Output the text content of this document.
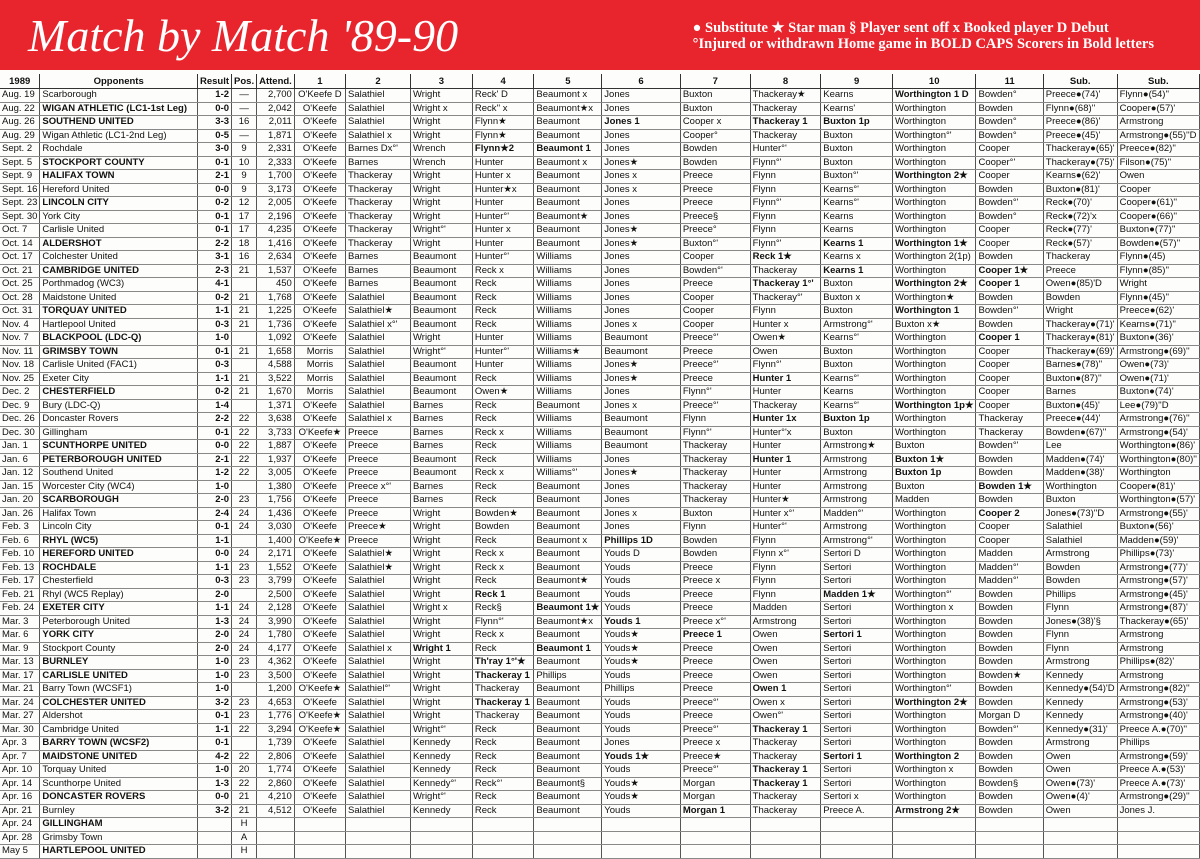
Match by Match '89-90	● Substitute ★ Star man § Player sent off x Booked player D Debut
°Injured or withdrawn Home game in BOLD CAPS Scorers in Bold letters
1989	Opponents	Result	Pos.	Attend.	1	2	3	4	5	6	7	8	9	10	11	Sub.	Sub.
Aug. 19	Scarborough	1-2	—	2,700	O'Keefe D	Salathiel	Wright	Reck' D	Beaumont x	Jones	Buxton	Thackeray★	Kearns	Worthington 1 D	Bowden°	Preece●(74)'	Flynn●(54)''
Aug. 22	WIGAN ATHLETIC (LC1-1st Leg)	0-0	—	2,042	O'Keefe	Salathiel	Wright x	Reck'' x	Beaumont★x	Jones	Buxton	Thackeray	Kearns'	Worthington	Bowden	Flynn●(68)''	Cooper●(57)'
Aug. 26	SOUTHEND UNITED	3-3	16	2,011	O'Keefe	Salathiel	Wright	Flynn★	Beaumont	Jones 1	Cooper x	Thackeray 1	Buxton 1p	Worthington	Bowden°	Preece●(86)'	Armstrong
Aug. 29	Wigan Athletic (LC1-2nd Leg)	0-5	—	1,871	O'Keefe	Salathiel x	Wright	Flynn★	Beaumont	Jones	Cooper°	Thackeray	Buxton	Worthington°'	Bowden°	Preece●(45)'	Armstrong●(55)''D
Sept. 2	Rochdale	3-0	9	2,331	O'Keefe	Barnes Dx°'	Wrench	Flynn★2	Beaumont 1	Jones	Bowden	Hunter°'	Buxton	Worthington	Cooper	Thackeray●(65)'	Preece●(82)''
Sept. 5	STOCKPORT COUNTY	0-1	10	2,333	O'Keefe	Barnes	Wrench	Hunter	Beaumont x	Jones★	Bowden	Flynn°'	Buxton	Worthington	Cooper°'	Thackeray●(75)'	Filson●(75)''
Sept. 9	HALIFAX TOWN	2-1	9	1,700	O'Keefe	Thackeray	Wright	Hunter x	Beaumont	Jones x	Preece	Flynn	Buxton°'	Worthington 2★	Cooper	Kearns●(62)'	Owen
Sept. 16	Hereford United	0-0	9	3,173	O'Keefe	Thackeray	Wright	Hunter★x	Beaumont	Jones x	Preece	Flynn	Kearns°'	Worthington	Bowden	Buxton●(81)'	Cooper
Sept. 23	LINCOLN CITY	0-2	12	2,005	O'Keefe	Thackeray	Wright	Hunter	Beaumont	Jones	Preece	Flynn°'	Kearns°'	Worthington	Bowden°'	Reck●(70)'	Cooper●(61)''
Sept. 30	York City	0-1	17	2,196	O'Keefe	Thackeray	Wright	Hunter°'	Beaumont★	Jones	Preece§	Flynn	Kearns	Worthington	Bowden°	Reck●(72)'x	Cooper●(66)''
Oct. 7	Carlisle United	0-1	17	4,235	O'Keefe	Thackeray	Wright°'	Hunter x	Beaumont	Jones★	Preece°	Flynn	Kearns	Worthington	Cooper	Reck●(77)'	Buxton●(77)''
Oct. 14	ALDERSHOT	2-2	18	1,416	O'Keefe	Thackeray	Wright	Hunter	Beaumont	Jones★	Buxton°'	Flynn°'	Kearns 1	Worthington 1★	Cooper	Reck●(57)'	Bowden●(57)''
Oct. 17	Colchester United	3-1	16	2,634	O'Keefe	Barnes	Beaumont	Hunter°'	Williams	Jones	Cooper	Reck 1★	Kearns x	Worthington 2(1p)	Bowden	Thackeray	Flynn●(45)
Oct. 21	CAMBRIDGE UNITED	2-3	21	1,537	O'Keefe	Barnes	Beaumont	Reck x	Williams	Jones	Bowden°'	Thackeray	Kearns 1	Worthington	Cooper 1★	Preece	Flynn●(85)''
Oct. 25	Porthmadog (WC3)	4-1		450	O'Keefe	Barnes	Beaumont	Reck	Williams	Jones	Preece	Thackeray 1°'	Buxton	Worthington 2★	Cooper 1	Owen●(85)'D	Wright
Oct. 28	Maidstone United	0-2	21	1,768	O'Keefe	Salathiel	Beaumont	Reck	Williams	Jones	Cooper	Thackeray°'	Buxton x	Worthington★	Bowden	Bowden	Flynn●(45)''
Oct. 31	TORQUAY UNITED	1-1	21	1,225	O'Keefe	Salathiel★	Beaumont	Reck	Williams	Jones	Cooper	Flynn	Buxton	Worthington 1	Bowden°'	Wright	Preece●(62)'
Nov. 4	Hartlepool United	0-3	21	1,736	O'Keefe	Salathiel x°'	Beaumont	Reck	Williams	Jones x	Cooper	Hunter x	Armstrong°'	Buxton x★	Bowden	Thackeray●(71)'	Kearns●(71)''
Nov. 7	BLACKPOOL (LDC-Q)	1-0		1,092	O'Keefe	Salathiel	Wright	Hunter	Williams	Beaumont	Preece°'	Owen★	Kearns°'	Worthington	Cooper 1	Thackeray●(81)'	Buxton●(36)'
Nov. 11	GRIMSBY TOWN	0-1	21	1,658	Morris	Salathiel	Wright°'	Hunter°'	Williams★	Beaumont	Preece	Owen	Buxton	Worthington	Cooper	Thackeray●(69)'	Armstrong●(69)''
Nov. 18	Carlisle United (FAC1)	0-3		4,588	Morris	Salathiel	Beaumont	Hunter	Williams	Jones★	Preece°'	Flynn°'	Buxton	Worthington	Cooper	Barnes●(78)''	Owen●(73)'
Nov. 25	Exeter City	1-1	21	3,522	Morris	Salathiel	Beaumont	Reck	Williams	Jones★	Preece	Hunter 1	Kearns°'	Worthington	Cooper	Buxton●(87)''	Owen●(71)'
Dec. 2	CHESTERFIELD	0-2	21	1,670	Morris	Salathiel	Beaumont	Owen★	Williams	Jones	Flynn°'	Hunter	Kearns	Worthington	Cooper	Barnes	Buxton●(74)'
Dec. 9	Bury (LDC-Q)	1-4		1,371	O'Keefe	Salathiel	Barnes	Reck	Beaumont	Jones x	Preece°'	Thackeray	Kearns°'	Worthington 1p★	Cooper	Buxton●(45)'	Lee●(79)''D
Dec. 26	Doncaster Rovers	2-2	22	3,638	O'Keefe	Salathiel x	Barnes	Reck	Williams	Beaumont	Flynn	Hunter 1x	Buxton 1p	Worthington	Thackeray	Preece●(44)'	Armstrong●(76)''
Dec. 30	Gillingham	0-1	22	3,733	O'Keefe★	Preece	Barnes	Reck x	Williams	Beaumont	Flynn°'	Hunter°'x	Buxton	Worthington	Thackeray	Bowden●(67)''	Armstrong●(54)'
Jan. 1	SCUNTHORPE UNITED	0-0	22	1,887	O'Keefe	Preece	Barnes	Reck	Williams	Beaumont	Thackeray	Hunter	Armstrong★	Buxton	Bowden°'	Lee	Worthington●(86)'
Jan. 6	PETERBOROUGH UNITED	2-1	22	1,937	O'Keefe	Preece	Beaumont	Reck	Williams	Jones	Thackeray	Hunter 1	Armstrong	Buxton 1★	Bowden	Madden●(74)'	Worthington●(80)''
Jan. 12	Southend United	1-2	22	3,005	O'Keefe	Preece	Beaumont	Reck x	Williams°'	Jones★	Thackeray	Hunter	Armstrong	Buxton 1p	Bowden	Madden●(38)'	Worthington
Jan. 15	Worcester City (WC4)	1-0		1,380	O'Keefe	Preece x°'	Barnes	Reck	Beaumont	Jones	Thackeray	Hunter	Armstrong	Buxton	Bowden 1★	Worthington	Cooper●(81)'
Jan. 20	SCARBOROUGH	2-0	23	1,756	O'Keefe	Preece	Barnes	Reck	Beaumont	Jones	Thackeray	Hunter★	Armstrong	Madden	Bowden	Buxton	Worthington●(57)'
Jan. 26	Halifax Town	2-4	24	1,436	O'Keefe	Preece	Wright	Bowden★	Beaumont	Jones x	Buxton	Hunter x°'	Madden°'	Worthington	Cooper 2	Jones●(73)''D	Armstrong●(55)'
Feb. 3	Lincoln City	0-1	24	3,030	O'Keefe	Preece★	Wright	Bowden	Beaumont	Jones	Flynn	Hunter°'	Armstrong	Worthington	Cooper	Salathiel	Buxton●(56)'
Feb. 6	RHYL (WC5)	1-1		1,400	O'Keefe★	Preece	Wright	Reck	Beaumont x	Phillips 1D	Bowden	Flynn	Armstrong°'	Worthington	Cooper	Salathiel	Madden●(59)'
Feb. 10	HEREFORD UNITED	0-0	24	2,171	O'Keefe	Salathiel★	Wright	Reck x	Beaumont	Youds D	Bowden	Flynn x°'	Sertori D	Worthington	Madden	Armstrong	Phillips●(73)'
Feb. 13	ROCHDALE	1-1	23	1,552	O'Keefe	Salathiel★	Wright	Reck x	Beaumont	Youds	Preece	Flynn	Sertori	Worthington	Madden°'	Bowden	Armstrong●(77)'
Feb. 17	Chesterfield	0-3	23	3,799	O'Keefe	Salathiel	Wright	Reck	Beaumont★	Youds	Preece x	Flynn	Sertori	Worthington	Madden°'	Bowden	Armstrong●(57)'
Feb. 21	Rhyl (WC5 Replay)	2-0		2,500	O'Keefe	Salathiel	Wright	Reck 1	Beaumont	Youds	Preece	Flynn	Madden 1★	Worthington°'	Bowden	Phillips	Armstrong●(45)'
Feb. 24	EXETER CITY	1-1	24	2,128	O'Keefe	Salathiel	Wright x	Reck§	Beaumont 1★	Youds	Preece	Madden	Sertori	Worthington x	Bowden	Flynn	Armstrong●(87)'
Mar. 3	Peterborough United	1-3	24	3,990	O'Keefe	Salathiel	Wright	Flynn°'	Beaumont★x	Youds 1	Preece x°'	Armstrong	Sertori	Worthington	Bowden	Jones●(38)'§	Thackeray●(65)'
Mar. 6	YORK CITY	2-0	24	1,780	O'Keefe	Salathiel	Wright	Reck x	Beaumont	Youds★	Preece 1	Owen	Sertori 1	Worthington	Bowden	Flynn	Armstrong
Mar. 9	Stockport County	2-0	24	4,177	O'Keefe	Salathiel x	Wright 1	Reck	Beaumont 1	Youds★	Preece	Owen	Sertori	Worthington	Bowden	Flynn	Armstrong
Mar. 13	BURNLEY	1-0	23	4,362	O'Keefe	Salathiel	Wright	Th'ray 1°'★	Beaumont	Youds★	Preece	Owen	Sertori	Worthington	Bowden	Armstrong	Phillips●(82)'
Mar. 17	CARLISLE UNITED	1-0	23	3,500	O'Keefe	Salathiel	Wright	Thackeray 1	Phillips	Youds	Preece	Owen	Sertori	Worthington	Bowden★	Kennedy	Armstrong
Mar. 21	Barry Town (WCSF1)	1-0		1,200	O'Keefe★	Salathiel°'	Wright	Thackeray	Beaumont	Phillips	Preece	Owen 1	Sertori	Worthington°'	Bowden	Kennedy●(54)'D	Armstrong●(82)''
Mar. 24	COLCHESTER UNITED	3-2	23	4,653	O'Keefe	Salathiel	Wright	Thackeray 1	Beaumont	Youds	Preece°'	Owen x	Sertori	Worthington 2★	Bowden	Kennedy	Armstrong●(53)'
Mar. 27	Aldershot	0-1	23	1,776	O'Keefe★	Salathiel	Wright	Thackeray	Beaumont	Youds	Preece	Owen°'	Sertori	Worthington	Morgan D	Kennedy	Armstrong●(40)'
Mar. 30	Cambridge United	1-1	22	3,294	O'Keefe★	Salathiel	Wright°'	Reck	Beaumont	Youds	Preece°'	Thackeray 1	Sertori	Worthington	Bowden°'	Kennedy●(31)'	Preece A.●(70)''
Apr. 3	BARRY TOWN (WCSF2)	0-1		1,739	O'Keefe	Salathiel	Kennedy	Reck	Beaumont	Jones	Preece x	Thackeray	Sertori	Worthington	Bowden	Armstrong	Phillips
Apr. 7	MAIDSTONE UNITED	4-2	22	2,806	O'Keefe	Salathiel	Kennedy	Reck	Beaumont	Youds 1★	Preece★	Thackeray	Sertori 1	Worthington 2	Bowden	Owen	Armstrong●(59)'
Apr. 10	Torquay United	1-0	20	1,774	O'Keefe	Salathiel	Kennedy	Reck	Beaumont	Youds	Preece°'	Thackeray 1	Sertori	Worthington x	Bowden	Owen	Preece A.●(53)'
Apr. 14	Scunthorpe United	1-3	22	2,860	O'Keefe	Salathiel	Kennedy°'	Reck°'	Beaumont§	Youds★	Morgan	Thackeray 1	Sertori	Worthington	Bowden§	Owen●(73)'	Preece A.●(73)'
Apr. 16	DONCASTER ROVERS	0-0	21	4,210	O'Keefe	Salathiel	Wright°'	Reck	Beaumont	Youds★	Morgan	Thackeray	Sertori x	Worthington	Bowden	Owen●(4)'	Armstrong●(29)''
Apr. 21	Burnley	3-2	21	4,512	O'Keefe	Salathiel	Kennedy	Reck	Beaumont	Youds	Morgan 1	Thackeray	Preece A.	Armstrong 2★	Bowden	Owen	Jones J.
Apr. 24	GILLINGHAM		H														
Apr. 28	Grimsby Town		A														
May 5	HARTLEPOOL UNITED		H														
